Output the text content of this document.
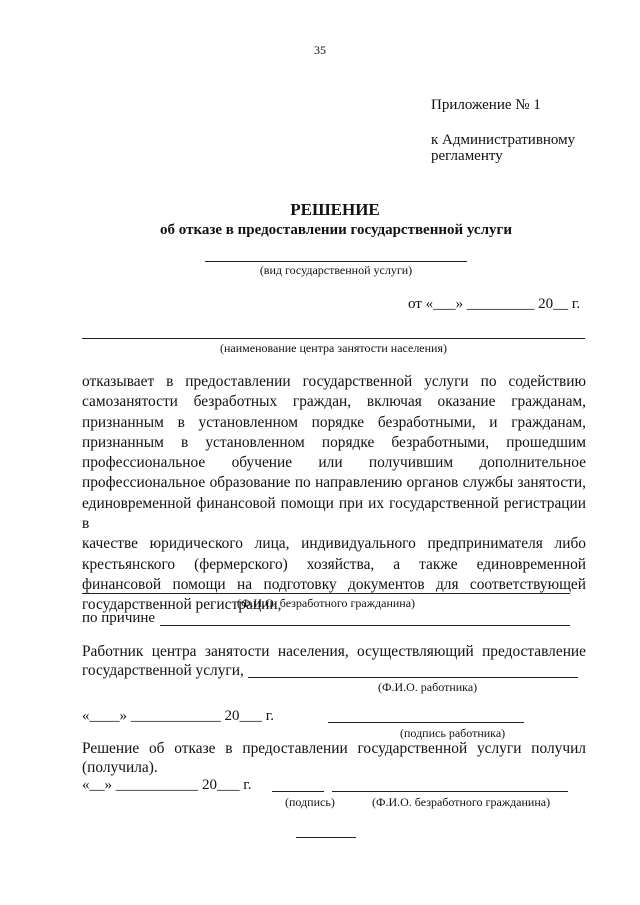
35
Приложение № 1
к Административному
регламенту
РЕШЕНИЕ
об отказе в предоставлении государственной услуги
(вид государственной услуги)
от «___» _________ 20__ г.
(наименование центра занятости населения)
отказывает в предоставлении государственной услуги по содействию
самозанятости безработных граждан, включая оказание гражданам,
признанным в установленном порядке безработными, и гражданам,
признанным в установленном порядке безработными, прошедшим
профессиональное обучение или получившим дополнительное
профессиональное образование по направлению органов службы занятости,
единовременной финансовой помощи при их государственной регистрации в
качестве юридического лица, индивидуального предпринимателя либо
крестьянского (фермерского) хозяйства, а также единовременной
финансовой помощи на подготовку документов для соответствующей
государственной регистрации,
(Ф.И.О. безработного гражданина)
по причине
Работник центра занятости населения, осуществляющий предоставление
государственной услуги,
(Ф.И.О. работника)
«____» ____________ 20___ г.
(подпись работника)
Решение об отказе в предоставлении государственной услуги получил
(получила).
«__» ___________ 20___ г.
(подпись)	(Ф.И.О. безработного гражданина)
